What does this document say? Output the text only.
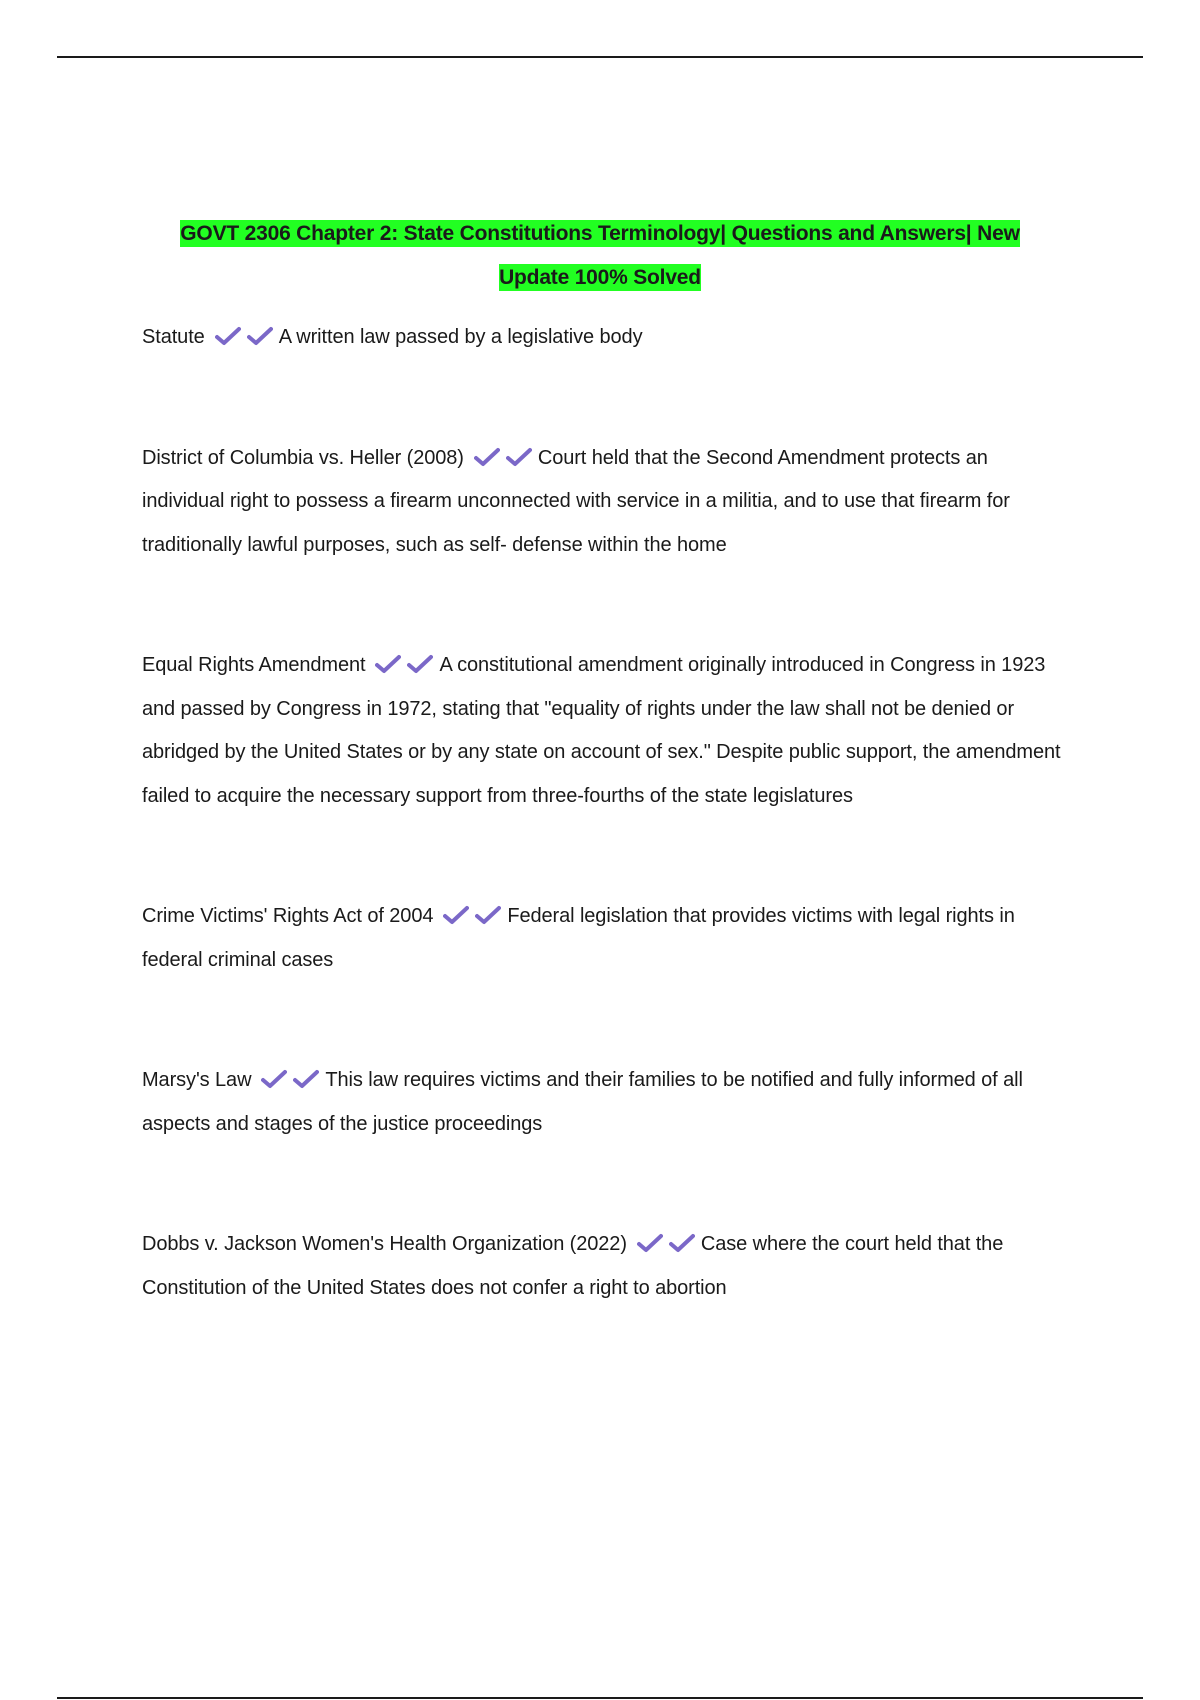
GOVT 2306 Chapter 2: State Constitutions Terminology| Questions and Answers| New
Update 100% Solved

Statute	A written law passed by a legislative body

District of Columbia vs. Heller (2008)	Court held that the Second Amendment protects an individual right to possess a firearm unconnected with service in a militia, and to use that firearm for traditionally lawful purposes, such as self- defense within the home

Equal Rights Amendment	A constitutional amendment originally introduced in Congress in 1923 and passed by Congress in 1972, stating that "equality of rights under the law shall not be denied or abridged by the United States or by any state on account of sex." Despite public support, the amendment failed to acquire the necessary support from three-fourths of the state legislatures

Crime Victims' Rights Act of 2004	Federal legislation that provides victims with legal rights in federal criminal cases

Marsy's Law	This law requires victims and their families to be notified and fully informed of all aspects and stages of the justice proceedings

Dobbs v. Jackson Women's Health Organization (2022)	Case where the court held that the Constitution of the United States does not confer a right to abortion
